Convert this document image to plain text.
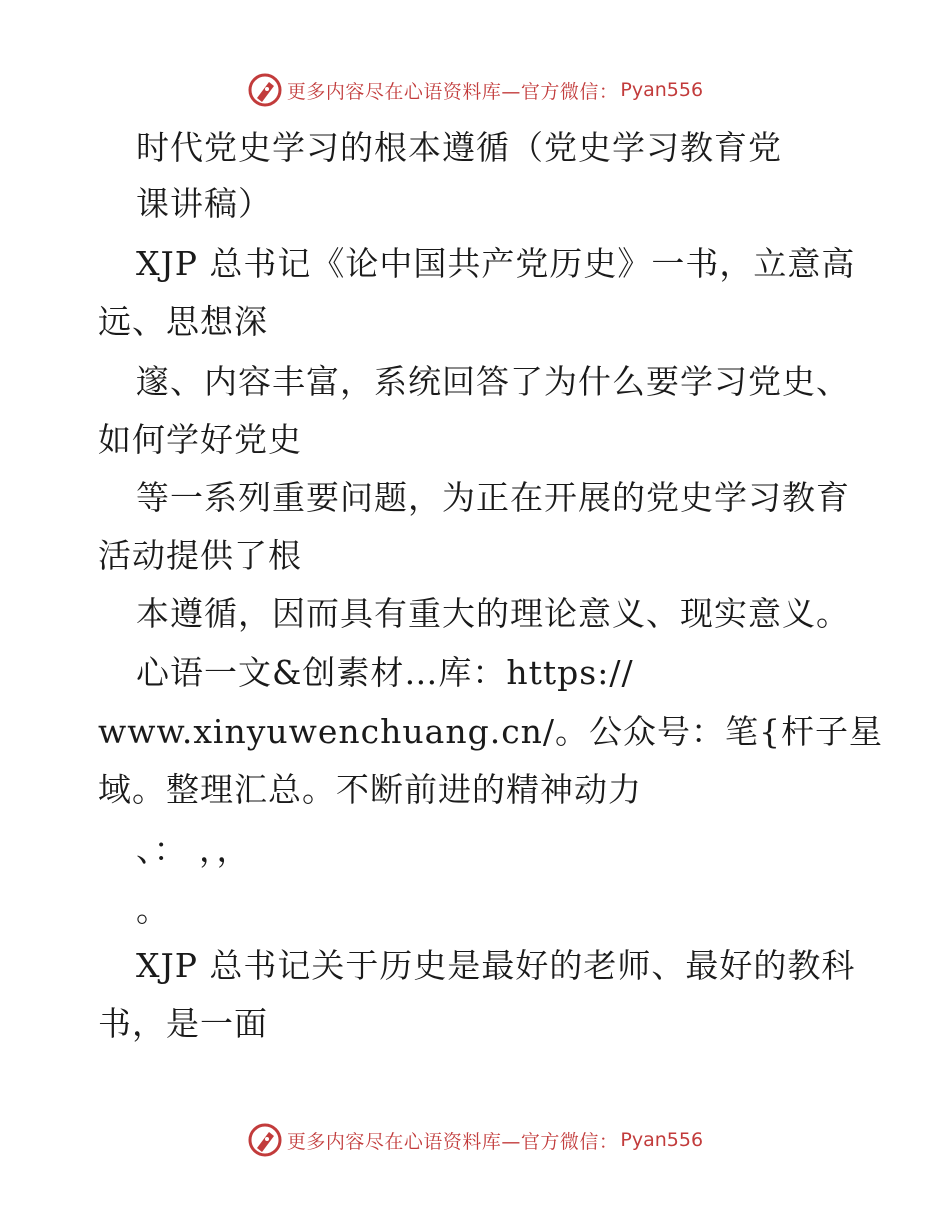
更多内容尽在心语资料库—官方微信： Pyan556
时代党史学习的根本遵循（党史学习教育党
课讲稿）
XJP 总书记《论中国共产党历史》一书，立意高
远、思想深
邃、内容丰富，系统回答了为什么要学习党史、
如何学好党史
等一系列重要问题，为正在开展的党史学习教育
活动提供了根
本遵循，因而具有重大的理论意义、现实意义。
心语一文&创素材…库：https://
www.xinyuwenchuang.cn/。公众号：笔{杆子星
域。整理汇总。不断前进的精神动力
、： ，，
。
XJP 总书记关于历史是最好的老师、最好的教科
书，是一面
更多内容尽在心语资料库—官方微信： Pyan556
